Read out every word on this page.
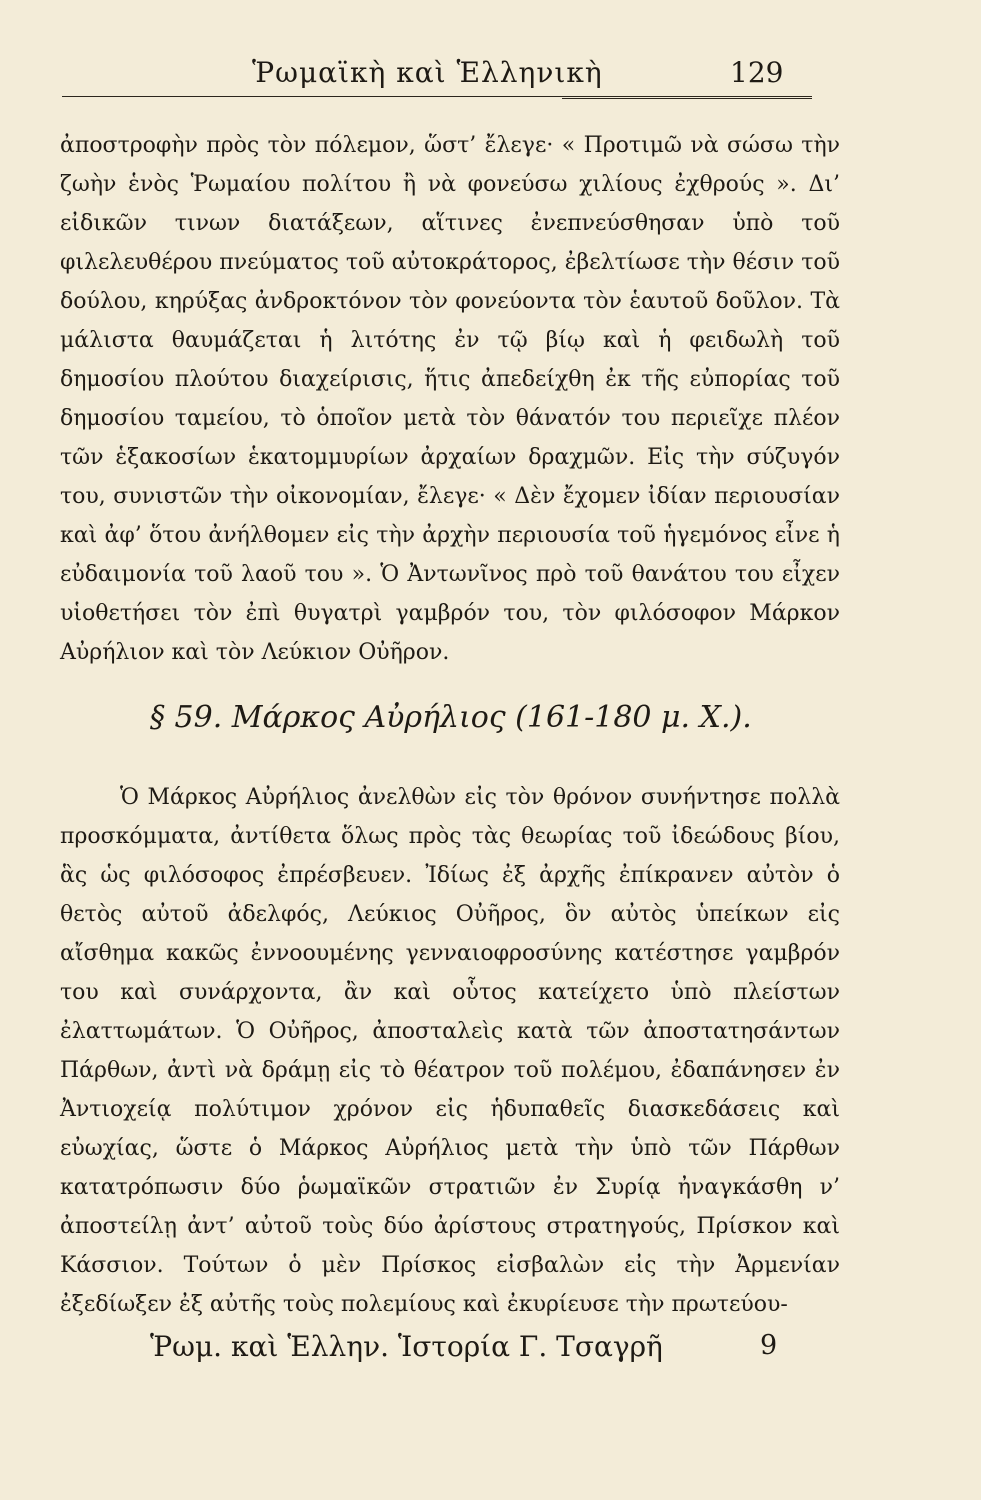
Ῥωμαϊκὴ καὶ Ἑλληνικὴ	129

ἀποστροφὴν πρὸς τὸν πόλεμον, ὥστ’ ἔλεγε· « Προτιμῶ νὰ σώσω τὴν ζωὴν ἑνὸς Ῥωμαίου πολίτου ἢ νὰ φονεύσω χιλίους ἐχθρούς ». Δι’ εἰδικῶν τινων διατάξεων, αἵτινες ἐνεπνεύσθησαν ὑπὸ τοῦ φιλελευθέρου πνεύματος τοῦ αὐτοκράτορος, ἐβελτίωσε τὴν θέσιν τοῦ δούλου, κηρύξας ἀνδροκτόνον τὸν φονεύοντα τὸν ἑαυτοῦ δοῦλον. Τὰ μάλιστα θαυμάζεται ἡ λιτότης ἐν τῷ βίῳ καὶ ἡ φειδωλὴ τοῦ δημοσίου πλούτου διαχείρισις, ἥτις ἀπεδείχθη ἐκ τῆς εὐπορίας τοῦ δημοσίου ταμείου, τὸ ὁποῖον μετὰ τὸν θάνατόν του περιεῖχε πλέον τῶν ἑξακοσίων ἑκατομμυρίων ἀρχαίων δραχμῶν. Εἰς τὴν σύζυγόν του, συνιστῶν τὴν οἰκονομίαν, ἔλεγε· « Δὲν ἔχομεν ἰδίαν περιουσίαν καὶ ἀφ’ ὅτου ἀνήλθομεν εἰς τὴν ἀρχὴν περιουσία τοῦ ἡγεμόνος εἶνε ἡ εὐδαιμονία τοῦ λαοῦ του ». Ὁ Ἀντωνῖνος πρὸ τοῦ θανάτου του εἶχεν υἱοθετήσει τὸν ἐπὶ θυγατρὶ γαμβρόν του, τὸν φιλόσοφον Μάρκον Αὐρήλιον καὶ τὸν Λεύκιον Οὐῆρον.

§ 59. Μάρκος Αὐρήλιος (161-180 μ. Χ.).

Ὁ Μάρκος Αὐρήλιος ἀνελθὼν εἰς τὸν θρόνον συνήντησε πολλὰ προσκόμματα, ἀντίθετα ὅλως πρὸς τὰς θεωρίας τοῦ ἰδεώδους βίου, ἃς ὡς φιλόσοφος ἐπρέσβευεν. Ἰδίως ἐξ ἀρχῆς ἐπίκρανεν αὐτὸν ὁ θετὸς αὐτοῦ ἀδελφός, Λεύκιος Οὐῆρος, ὃν αὐτὸς ὑπείκων εἰς αἴσθημα κακῶς ἐννοουμένης γενναιοφροσύνης κατέστησε γαμβρόν του καὶ συνάρχοντα, ἂν καὶ οὗτος κατείχετο ὑπὸ πλείστων ἐλαττωμάτων. Ὁ Οὐῆρος, ἀποσταλεὶς κατὰ τῶν ἀποστατησάντων Πάρθων, ἀντὶ νὰ δράμῃ εἰς τὸ θέατρον τοῦ πολέμου, ἐδαπάνησεν ἐν Ἀντιοχείᾳ πολύτιμον χρόνον εἰς ἡδυπαθεῖς διασκεδάσεις καὶ εὐωχίας, ὥστε ὁ Μάρκος Αὐρήλιος μετὰ τὴν ὑπὸ τῶν Πάρθων κατατρόπωσιν δύο ῥωμαϊκῶν στρατιῶν ἐν Συρίᾳ ἠναγκάσθη ν’ ἀποστείλῃ ἀντ’ αὐτοῦ τοὺς δύο ἀρίστους στρατηγούς, Πρίσκον καὶ Κάσσιον. Τούτων ὁ μὲν Πρίσκος εἰσβαλὼν εἰς τὴν Ἀρμενίαν ἐξεδίωξεν ἐξ αὐτῆς τοὺς πολεμίους καὶ ἐκυρίευσε τὴν πρωτεύου-

Ῥωμ. καὶ Ἑλλην. Ἱστορία Γ. Τσαγρῆ	9
